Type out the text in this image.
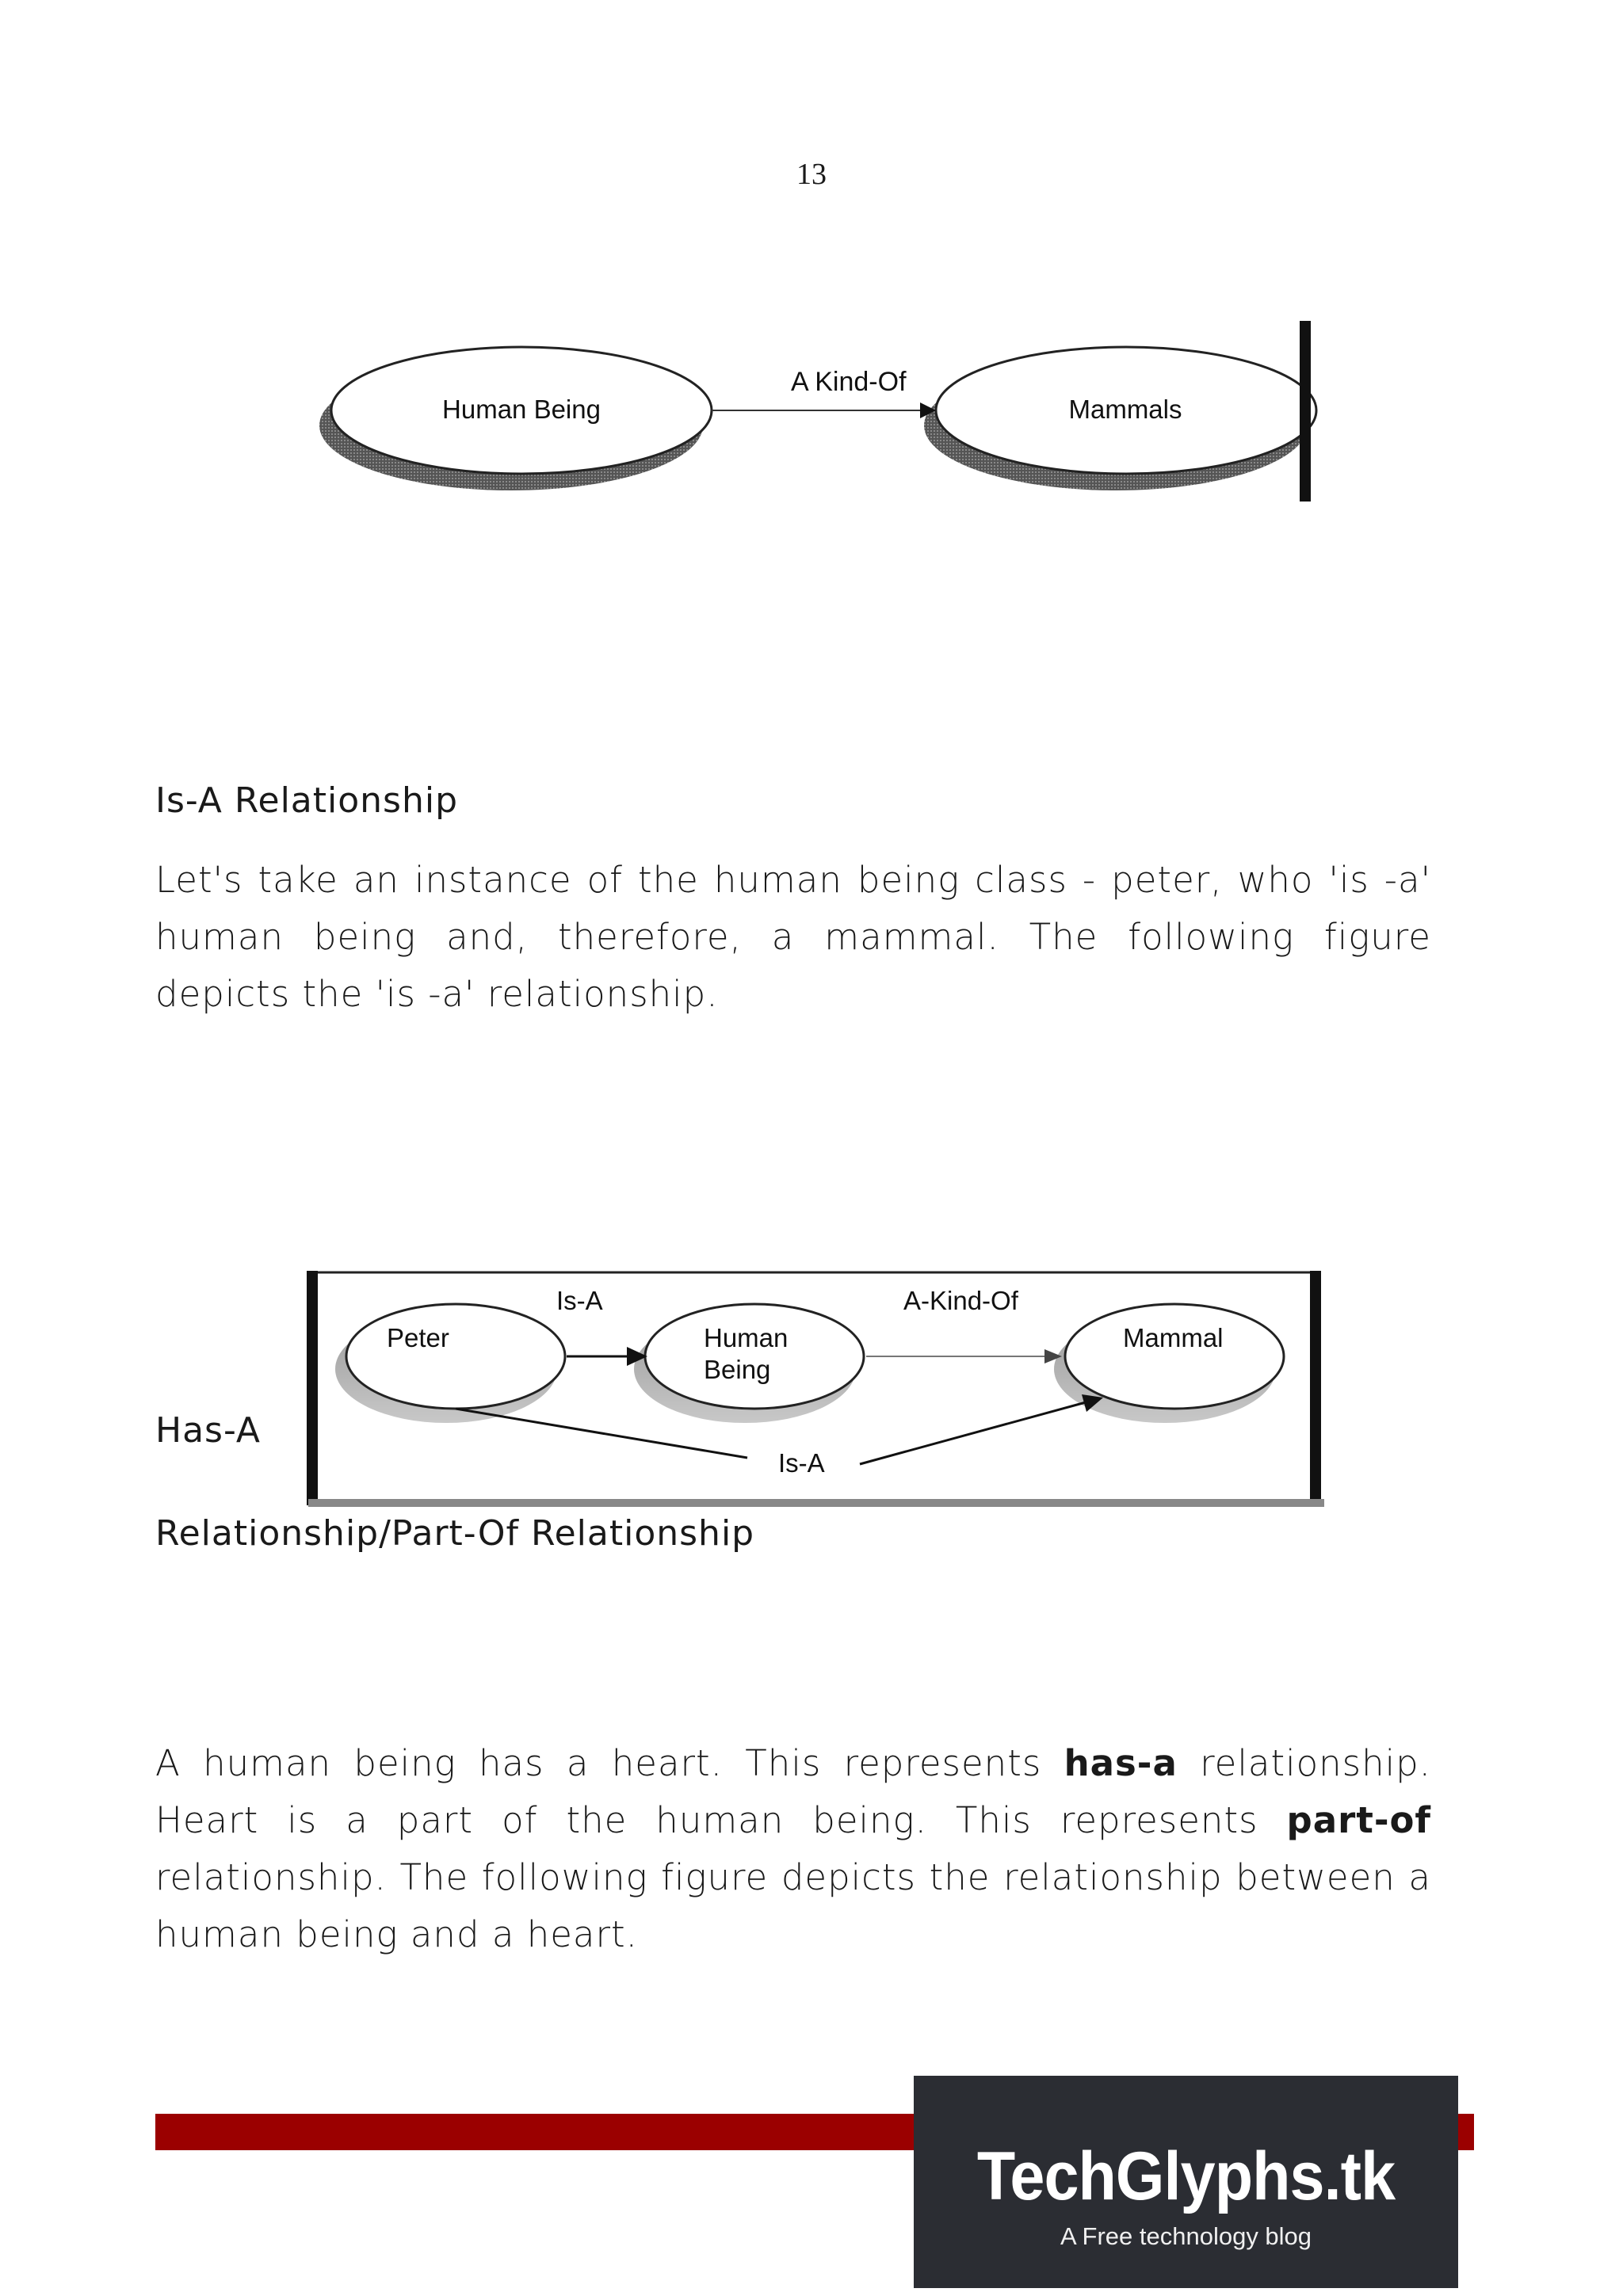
13
Human Being	Mammals
A Kind-Of
Is-A Relationship
Let's take an instance of the human being class - peter, who 'is -a' human being and, therefore, a mammal. The following figure depicts the 'is -a' relationship.
Peter	Human
Being
Mammal
Is-A	A-Kind-Of
Is-A
Has-A
Relationship/Part-Of Relationship
A human being has a heart. This represents has-a relationship. Heart is a part of the human being. This represents part-of relationship. The following figure depicts the relationship between a human being and a heart.
TechGlyphs.tk
A Free technology blog
